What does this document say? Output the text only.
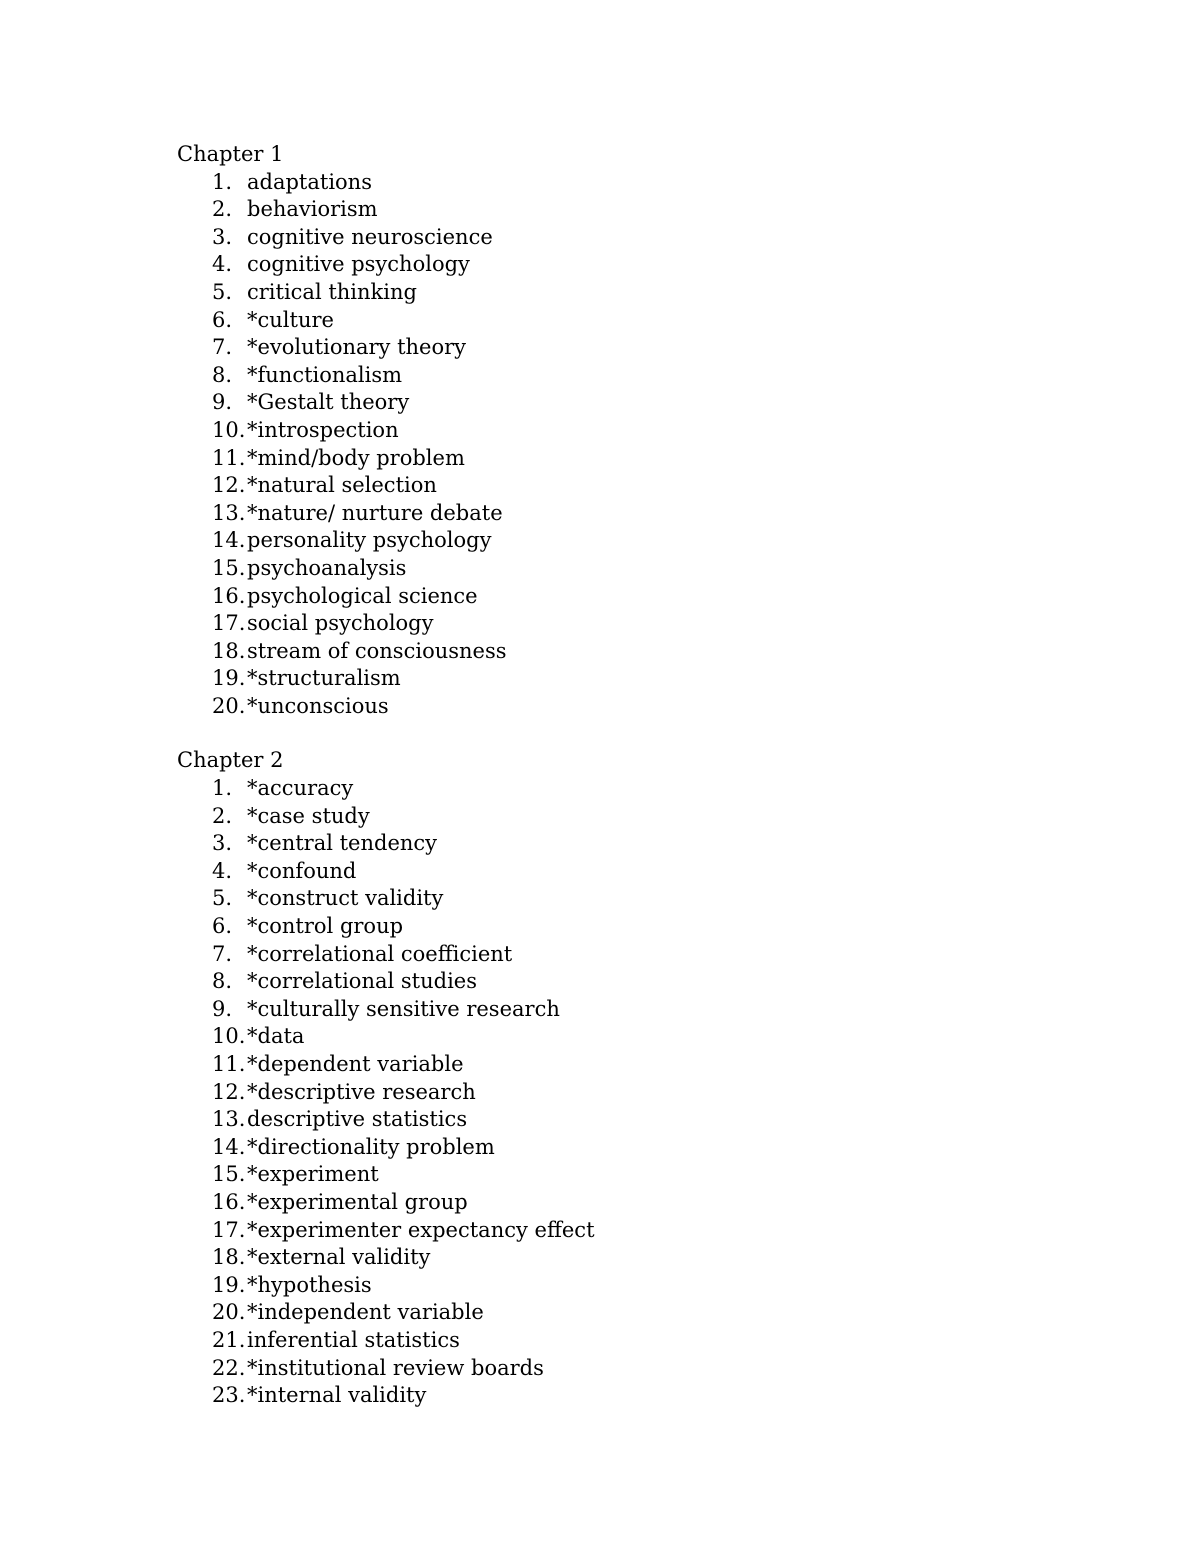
Chapter 1
1. adaptations
2. behaviorism
3. cognitive neuroscience
4. cognitive psychology
5. critical thinking
6. *culture
7. *evolutionary theory
8. *functionalism
9. *Gestalt theory
10. *introspection
11. *mind/body problem
12. *natural selection
13. *nature/ nurture debate
14. personality psychology
15. psychoanalysis
16. psychological science
17. social psychology
18. stream of consciousness
19. *structuralism
20. *unconscious
Chapter 2
1. *accuracy
2. *case study
3. *central tendency
4. *confound
5. *construct validity
6. *control group
7. *correlational coefficient
8. *correlational studies
9. *culturally sensitive research
10. *data
11. *dependent variable
12. *descriptive research
13. descriptive statistics
14. *directionality problem
15. *experiment
16. *experimental group
17. *experimenter expectancy effect
18. *external validity
19. *hypothesis
20. *independent variable
21. inferential statistics
22. *institutional review boards
23. *internal validity
